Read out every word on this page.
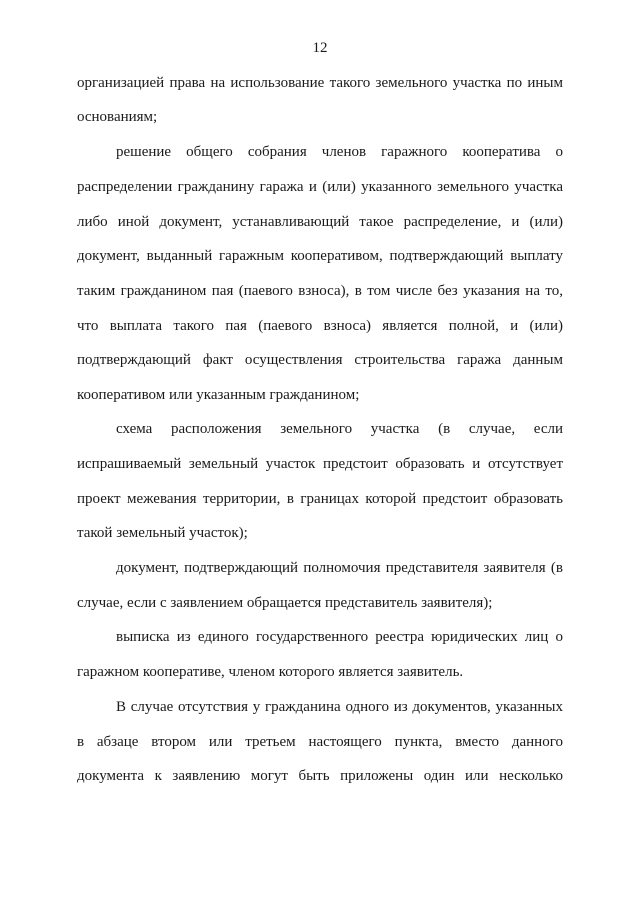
12
организацией права на использование такого земельного участка по иным
основаниям;
решение общего собрания членов гаражного кооператива о
распределении гражданину гаража и (или) указанного земельного участка
либо иной документ, устанавливающий такое распределение, и (или)
документ, выданный гаражным кооперативом, подтверждающий выплату
таким гражданином пая (паевого взноса), в том числе без указания на то,
что выплата такого пая (паевого взноса) является полной, и (или)
подтверждающий факт осуществления строительства гаража данным
кооперативом или указанным гражданином;
схема расположения земельного участка (в случае, если
испрашиваемый земельный участок предстоит образовать и отсутствует
проект межевания территории, в границах которой предстоит образовать
такой земельный участок);
документ, подтверждающий полномочия представителя заявителя (в
случае, если с заявлением обращается представитель заявителя);
выписка из единого государственного реестра юридических лиц о
гаражном кооперативе, членом которого является заявитель.
В случае отсутствия у гражданина одного из документов, указанных
в абзаце втором или третьем настоящего пункта, вместо данного
документа к заявлению могут быть приложены один или несколько
